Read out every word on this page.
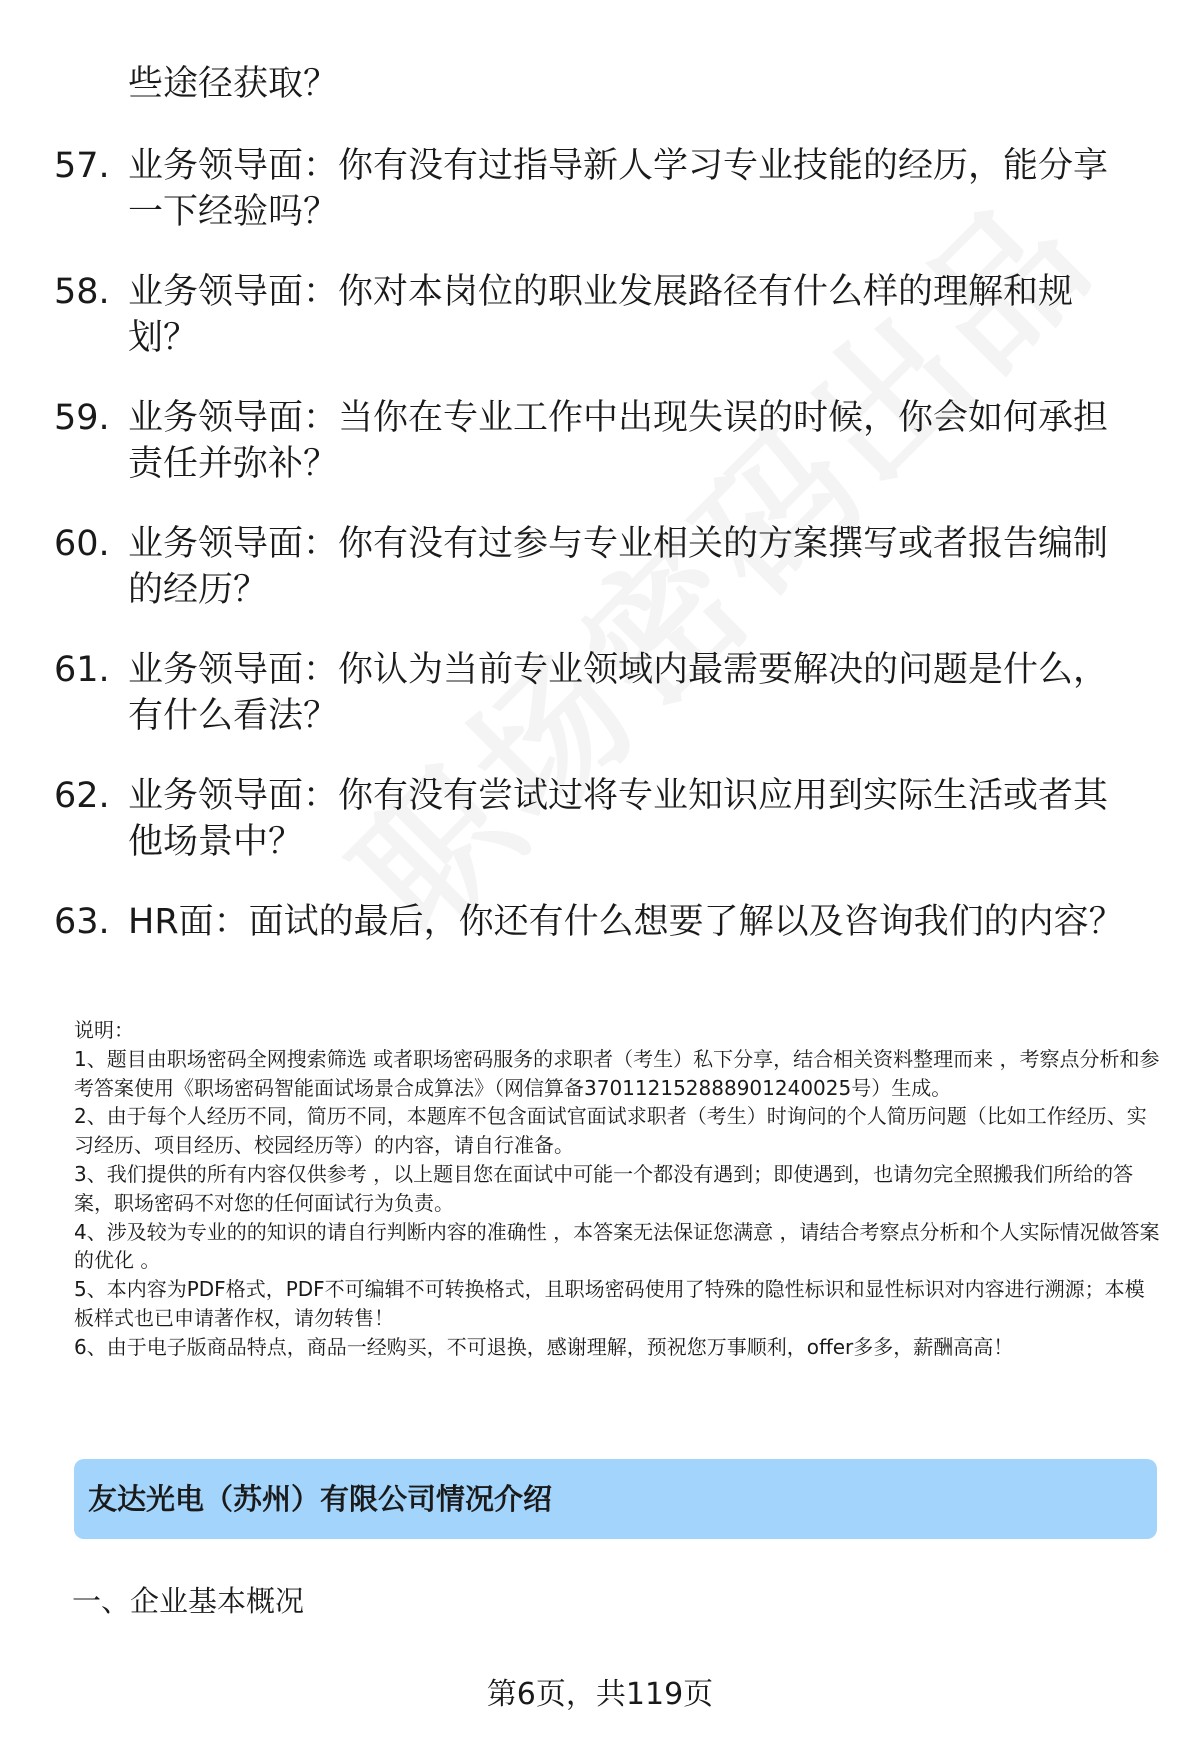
些途径获取？
57. 业务领导面：你有没有过指导新人学习专业技能的经历，能分享一下经验吗？
58. 业务领导面：你对本岗位的职业发展路径有什么样的理解和规划？
59. 业务领导面：当你在专业工作中出现失误的时候，你会如何承担责任并弥补？
60. 业务领导面：你有没有过参与专业相关的方案撰写或者报告编制的经历？
61. 业务领导面：你认为当前专业领域内最需要解决的问题是什么，有什么看法？
62. 业务领导面：你有没有尝试过将专业知识应用到实际生活或者其他场景中？
63. HR面：面试的最后，你还有什么想要了解以及咨询我们的内容？
说明：
1、题目由职场密码全网搜索筛选 或者职场密码服务的求职者（考生）私下分享，结合相关资料整理而来 ，考察点分析和参考答案使用《职场密码智能面试场景合成算法》（网信算备370112152888901240025号）生成。
2、由于每个人经历不同，简历不同，本题库不包含面试官面试求职者（考生）时询问的个人简历问题（比如工作经历、实习经历、项目经历、校园经历等）的内容，请自行准备。
3、我们提供的所有内容仅供参考 ，以上题目您在面试中可能一个都没有遇到；即使遇到，也请勿完全照搬我们所给的答案，职场密码不对您的任何面试行为负责。
4、涉及较为专业的的知识的请自行判断内容的准确性 ，本答案无法保证您满意 ，请结合考察点分析和个人实际情况做答案的优化 。
5、本内容为PDF格式，PDF不可编辑不可转换格式，且职场密码使用了特殊的隐性标识和显性标识对内容进行溯源；本模板样式也已申请著作权，请勿转售！
6、由于电子版商品特点，商品一经购买，不可退换，感谢理解，预祝您万事顺利，offer多多，薪酬高高！
友达光电（苏州）有限公司情况介绍
一、企业基本概况
第6页，共119页
